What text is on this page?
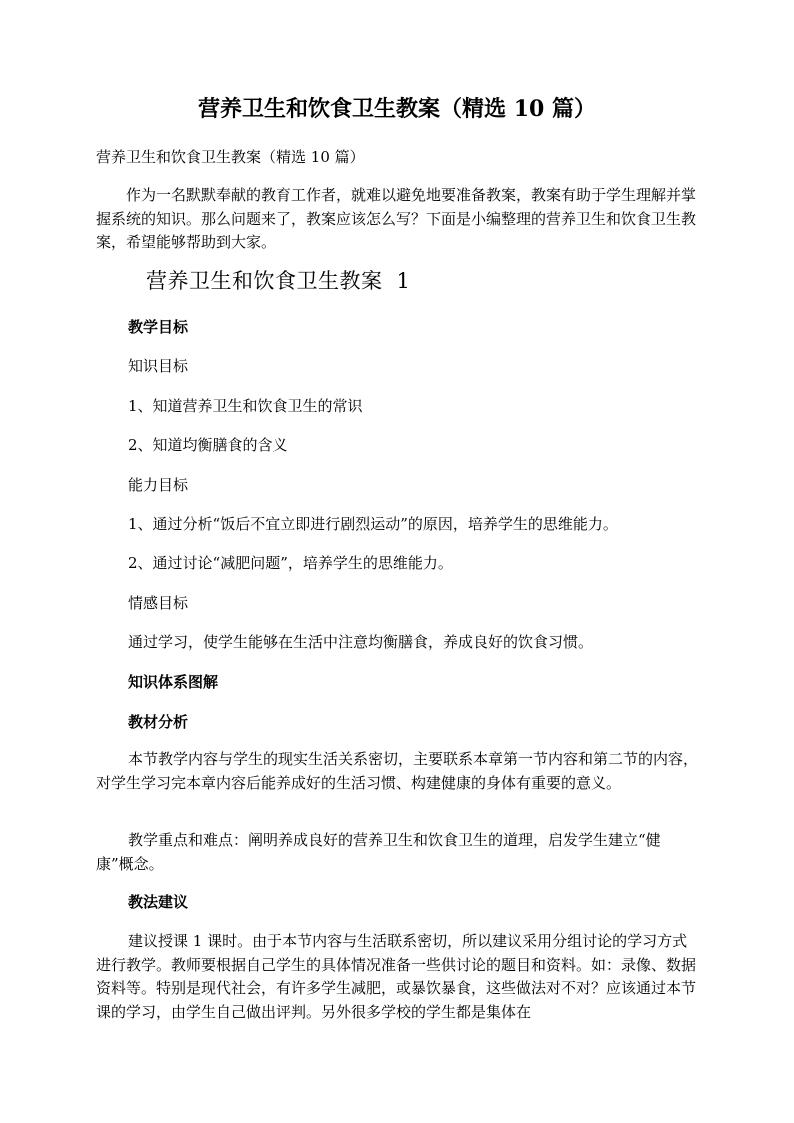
营养卫生和饮食卫生教案（精选 10 篇）
营养卫生和饮食卫生教案（精选 10 篇）
作为一名默默奉献的教育工作者，就难以避免地要准备教案，教案有助于学生理解并掌握系统的知识。那么问题来了，教案应该怎么写？下面是小编整理的营养卫生和饮食卫生教案，希望能够帮助到大家。
营养卫生和饮食卫生教案 1
教学目标
知识目标
1、知道营养卫生和饮食卫生的常识
2、知道均衡膳食的含义
能力目标
1、通过分析“饭后不宜立即进行剧烈运动”的原因，培养学生的思维能力。
2、通过讨论“减肥问题”，培养学生的思维能力。
情感目标
通过学习，使学生能够在生活中注意均衡膳食，养成良好的饮食习惯。
知识体系图解
教材分析
本节教学内容与学生的现实生活关系密切，主要联系本章第一节内容和第二节的内容，对学生学习完本章内容后能养成好的生活习惯、构建健康的身体有重要的意义。
教学重点和难点：阐明养成良好的营养卫生和饮食卫生的道理，启发学生建立“健康”概念。
教法建议
建议授课 1 课时。由于本节内容与生活联系密切，所以建议采用分组讨论的学习方式进行教学。教师要根据自己学生的具体情况准备一些供讨论的题目和资料。如：录像、数据资料等。特别是现代社会，有许多学生减肥，或暴饮暴食，这些做法对不对？应该通过本节课的学习，由学生自己做出评判。另外很多学校的学生都是集体在
